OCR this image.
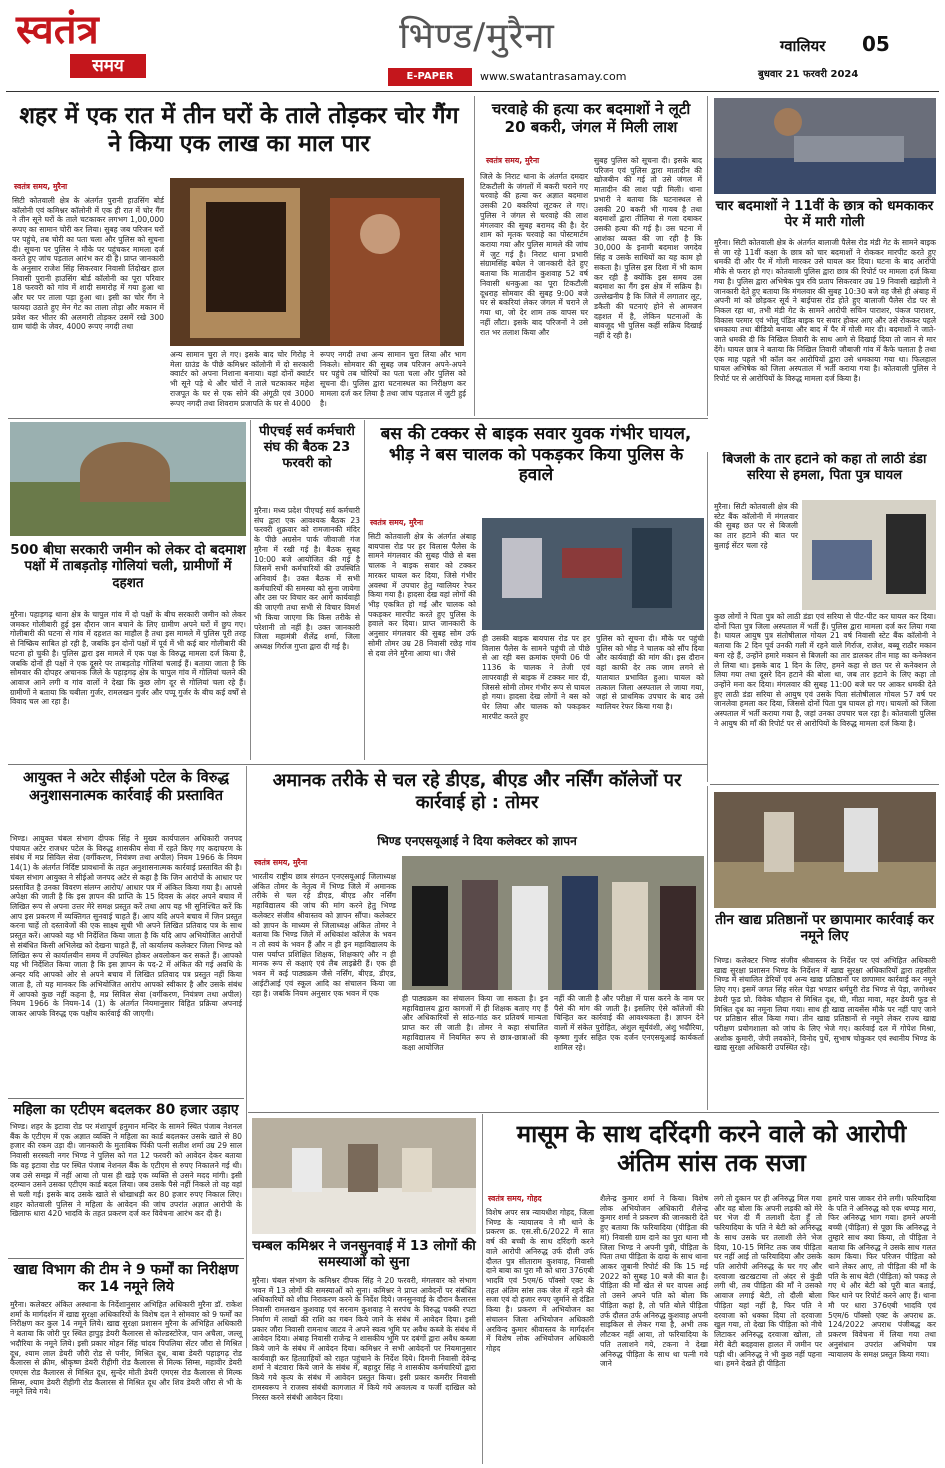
स्वतंत्र
समय
भिण्ड/मुरैना
E-PAPER	www.swatantrasamay.com
ग्वालियर 05
बुधवार 21 फरवरी 2024
शहर में एक रात में तीन घरों के ताले तोड़कर चोर गैंग ने किया एक लाख का माल पार
स्वतंत्र समय, मुरैना
सिटी कोतवाली क्षेत्र के अंतर्गत पुरानी हाउसिंग बोर्ड कॉलोनी एवं कमिश्नर कॉलोनी में एक ही रात में चोर गैंग ने तीन सूने घरों के ताले चटकाकर लगभग 1,00,000 रूपए का सामान चोरी कर लिया। सुबह जब परिजन घरों पर पहुंचे, तब चोरी का पता चला और पुलिस को सूचना दी। सूचना पर पुलिस ने मौके पर पहुंचकर मामला दर्ज करते हुए जांच पड़ताल आरंभ कर दी है। प्राप्त जानकारी के अनुसार राजेश सिंह सिकरवार निवासी तिंदोखर हाल निवासी पुरानी हाउसिंग बोर्ड कॉलोनी का पूरा परिवार 18 फरवरी को गांव में शादी समारोह में गया हुआ था और घर पर ताला पड़ा हुआ था। इसी का चोर गैंग ने फायदा उठाते हुए मेन गेट का ताला तोड़ा और मकान में प्रवेश कर भीतर की अलमारी तोड़कर उसमें रखे 300 ग्राम चांदी के जेवर, 4000 रूपए नगदी तथा
अन्य सामान चुरा ले गए। इसके बाद चोर गिरोह ने मेला ग्राउंड के पीछे कमिश्नर कॉलोनी में दो सरकारी क्वार्टर को अपना निशाना बनाया। यहां दोनों क्वार्टर भी सूने पड़े थे और चोरों ने ताले चटकाकर महेश राजपूत के घर से एक सोने की अंगूठी एवं 3000 रूपए नगदी तथा शिवराम प्रजापति के घर से 4000
रूपए नगदी तथा अन्य सामान चुरा लिया और भाग निकले। सोमवार की सुबह जब परिजन अपने-अपने घर पहुंचे तब चोरियों का पता चला और पुलिस को सूचना दी। पुलिस द्वारा घटनास्थल का निरीक्षण कर मामला दर्ज कर लिया है तथा जांच पड़ताल में जुटी हुई है।
चरवाहे की हत्या कर बदमाशों ने लूटी 20 बकरी, जंगल में मिली लाश
स्वतंत्र समय, मुरैना
जिले के निराट थाना के अंतर्गत दमदार टिकटौली के जंगलों में बकरी चराने गए चरवाहे की हत्या कर अज्ञात बदमाश उसकी 20 बकरियां लूटकर ले गए। पुलिस ने जंगल से चरवाहे की लाश मंगलवार की सुबह बरामद की है। देर शाम को मृतक चरवाहे का पोस्टमार्टम कराया गया और पुलिस मामले की जांच में जुट गई है। निराट थाना प्रभारी संग्रामसिंह बघेल ने जानकारी देते हुए बताया कि मातादीन कुशवाह 52 वर्ष निवासी धनकुआ का पूरा टिकटौली दूधराह सोमवार की सुबह 9:00 बजे घर से बकरियां लेकर जंगल में चराने ले गया था, जो देर शाम तक वापस घर नहीं लौटा। इसके बाद परिजनों ने उसे रात भर तलाश किया और
सुबह पुलिस को सूचना दी। इसके बाद परिजन एवं पुलिस द्वारा मातादीन की खोजबीन की गई तो उसे जंगल में मातादीन की लाश पड़ी मिली। थाना प्रभारी ने बताया कि घटनास्थल से उसकी 20 बकरी भी गायब है तथा बदमाशों द्वारा तीलिया से गला दबाकर उसकी हत्या की गई है। उस घटना में आशंका व्यक्त की जा रही है कि 30,000 के इनामी बदमाश जगदेव सिंह व उसके साथियों का यह काम हो सकता है। पुलिस इस दिशा में भी काम कर रही है क्योंकि इस समय उस बदमाश का गैंग इस क्षेत्र में सक्रिय है। उल्लेखनीय है कि जिले में लगातार लूट, डकैती की घटनाएं होने से आमजन दहशत में है, लेकिन घटनाओं के बावजूद भी पुलिस कहीं सक्रिय दिखाई नहीं दे रही है।
चार बदमाशों ने 11वीं के छात्र को धमकाकर पेर में मारी गोली
मुरैना। सिटी कोतवाली क्षेत्र के अंतर्गत बालाजी पैलेस रोड मंडी गेट के सामने बाइक से जा रहे 11वीं कक्षा के छात्र को चार बदमाशों ने रोककर मारपीट करते हुए धमकी दी और पैर में गोली मारकर उसे घायल कर दिया। घटना के बाद आरोपी मौके से फरार हो गए। कोतवाली पुलिस द्वारा छात्र की रिपोर्ट पर मामला दर्ज किया गया है। पुलिस द्वारा अभिषेक पुत्र रवि प्रताप सिकरवार उम्र 19 निवासी खड़ोली ने जानकारी देते हुए बताया कि मंगलवार की सुबह 10:30 बजे वह जैसे ही अंबाह में अपनी मां को छोड़कर सूर्य ने बाईपास रोड होते हुए बालाजी पैलेस रोड पर से निकल रहा था, तभी मंडी गेट के सामने आरोपी सचिन पाराशर, पंकज पाराशर, विकास परमार एवं भोलू पंडित बाइक पर सवार होकर आए और उसे रोककर पहले धमकाया तथा बीडियो बनाया और बाद में पैर में गोली मार दी। बदमाशों ने जाते-जाते धमकी दी कि निखिल तिवारी के साथ आगे से दिखाई दिया तो जान से मार देंगे। घायल छात्र ने बताया कि निखिल तिवारी जौबाजी गांव में कैफे चलाता है तथा एक माह पहले भी कॉल कर आरोपियों द्वारा उसे धमकाया गया था। फिलहाल घायल अभिषेक को जिला अस्पताल में भर्ती कराया गया है। कोतवाली पुलिस ने रिपोर्ट पर से आरोपियों के विरुद्ध मामला दर्ज किया है।
500 बीघा सरकारी जमीन को लेकर दो बदमाश पक्षों में ताबड़तोड़ गोलियां चली, ग्रामीणों में दहशत
मुरैना। पहाड़गढ़ थाना क्षेत्र के चापुल गांव में दो पक्षों के बीच सरकारी जमीन को लेकर जमकर गोलीबारी हुई इस दौरान जान बचाने के लिए ग्रामीण अपने घरों में छुप गए। गोलीबारी की घटना से गांव में दहशत का माहौल है तथा इस मामले में पुलिस पूरी तरह से निष्क्रिय साबित हो रही है, जबकि इन दोनों पक्षों में पूर्व में भी कई बार गोलीबारी की घटना हो चुकी है। पुलिस द्वारा इस मामले में एक पक्ष के विरुद्ध मामला दर्ज किया है, जबकि दोनों ही पक्षों ने एक दूसरे पर ताबड़तोड़ गोलियां चलाई हैं। बताया जाता है कि सोमवार की दोपहर अचानक जिले के पहाड़गढ़ क्षेत्र के चापुल गांव में गोलियां चलने की आवाज आने लगी व गांव वालों ने देखा कि कुछ लोग दूर से गोलियां चला रहे हैं। ग्रामीणों ने बताया कि चबीला गुर्जर, रामलखन गुर्जर और पप्पू गुर्जर के बीच कई वर्षों से विवाद चल आ रहा है।
पीएचई सर्व कर्मचारी संघ की बैठक 23 फरवरी को
मुरैना। मध्य प्रदेश पीएचई सर्व कर्मचारी संघ द्वारा एक आवश्यक बैठक 23 फरवरी शुक्रवार को रामजानकी मंदिर के पीछे अग्रसेन पार्क जीवाजी गंज मुरैना में रखी गई है। बैठक सुबह 10:00 बजे आयोजित की गई है जिसमें सभी कर्मचारियों की उपस्थिति अनिवार्य है। उक्त बैठक में सभी कर्मचारियों की समस्या को सुना जायेगा और उस पर विचार कर आगे कार्यवाही की जाएगी तथा सभी से विचार विमर्श भी किया जाएगा कि किस तरीके से परेशानी तो नहीं है। उक्त जानकारी जिला महामंत्री शैलेंद्र शर्मा, जिला अध्यक्ष गिर्राज गुप्ता द्वारा दी गई है।
बस की टक्कर से बाइक सवार युवक गंभीर घायल, भीड़ ने बस चालक को पकड़कर किया पुलिस के हवाले
स्वतंत्र समय, मुरैना
सिटी कोतवाली क्षेत्र के अंतर्गत अंबाह बायपास रोड पर हर विलास पैलेस के सामने मंगलवार की सुबह पीछे से बस चालक ने बाइक सवार को टक्कर मारकर घायल कर दिया, जिसे गंभीर अवस्था में उपचार हेतु ग्वालियर रेफर किया गया है। हादसा देख वहां लोगों की भीड़ एकत्रित हो गई और चालक को पकड़कर मारपीट करते हुए पुलिस के हवाले कर दिया। प्राप्त जानकारी के अनुसार मंगलवार की सुबह सोम उर्फ सोमी तोमर उम्र 28 निवासी रछेड़ गांव से दवा लेने मुरैना आया था। जैसे
ही उसकी बाइक बायपास रोड पर हर विलास पैलेस के सामने पहुंची तो पीछे से आ रही बस क्रमांक एमपी 06 पी 1136 के चालक ने तेजी एवं लापरवाही से बाइक में टक्कर मार दी, जिससे सोमी तोमर गंभीर रूप से घायल हो गया। हादसा देख लोगों ने बस को घेर लिया और चालक को पकड़कर मारपीट करते हुए
पुलिस को सूचना दी। मौके पर पहुंची पुलिस को भीड़ ने चालक को सौंप दिया और कार्यवाही की मांग की। इस दौरान वहां काफी देर तक जाम लगने से यातायात प्रभावित हुआ। घायल को तत्काल जिला अस्पताल ले जाया गया, जहां से प्राथमिक उपचार के बाद उसे ग्वालियर रेफर किया गया है।
बिजली के तार हटाने को कहा तो लाठी डंडा सरिया से हमला, पिता पुत्र घायल
मुरैना। सिटी कोतवाली क्षेत्र की स्टेट बैंक कॉलोनी में मंगलवार की सुबह छत पर से बिजली का तार हटाने की बात पर बुलाई सेंटर चला रहे
कुछ लोगों ने पिता पुत्र को लाठी डंडा एवं सरिया से पीट-पीट कर घायल कर दिया। दोनों पिता पुत्र जिला अस्पताल में भर्ती हैं। पुलिस द्वारा मामला दर्ज कर लिया गया है। घायल आयुष पुत्र संतोषीलाल गोयल 21 वर्ष निवासी स्टेट बैंक कॉलोनी ने बताया कि 2 दिन पूर्व उनकी गली में रहने वाले गिर्राज, राजेश, बब्बू राठौर मकान बना रहे हैं, उन्होंने हमारे मकान से बिजली का तार डालकर तीन माह का कनेक्शन ले लिया था। इसके बाद 1 दिन के लिए, हमने कहा से छत पर से कनेक्शन ले लिया गया तथा दूसरे दिन हटाने की बोला था, जब तार हटाने के लिए कहा तो उन्होंने मना कर दिया। मंगलवार की सुबह 11:00 बजे घर पर आकर धमकी देते हुए लाठी डंडा सरिया से आयुष एवं उसके पिता संतोषीलाल गोयल 57 वर्ष पर जानलेवा हमला कर दिया, जिससे दोनों पिता पुत्र घायल हो गए। घायलों को जिला अस्पताल में भर्ती कराया गया है, जहां उनका उपचार चल रहा है। कोतवाली पुलिस ने आयुष की माँ की रिपोर्ट पर से आरोपियों के विरुद्ध मामला दर्ज किया है।
आयुक्त ने अटेर सीईओ पटेल के विरुद्ध अनुशासनात्मक कार्रवाई की प्रस्तावित
भिण्ड। आयुक्त चंबल संभाग दीपक सिंह ने मुख्य कार्यपालन अधिकारी जनपद पंचायत अटेर राजधर पटेल के विरुद्ध शासकीय सेवा में रहते किए गए कदाचरण के संबंध में मप्र सिविल सेवा (वर्गीकरण, नियंत्रण तथा अपील) नियम 1966 के नियम 14(1) के अंतर्गत निर्दिष्ट प्रावधानों के तहत अनुशासनात्मक कार्रवाई प्रस्तावित की है। चंबल संभाग आयुक्त ने सीईओ जनपद अटेर से कहा है कि जिन आरोपों के आधार पर प्रस्तावित है उनका विवरण संलग्न आरोप/ आधार पत्र में अंकित किया गया है। आपसे अपेक्षा की जाती है कि इस ज्ञापन की प्राप्ति के 15 दिवस के अंदर अपने बचाव में लिखित रूप से अपना उत्तर मेरे समक्ष प्रस्तुत करें तथा आप यह भी सुनिश्चित करें कि आप इस प्रकरण में व्यक्तिगत सुनवाई चाहते हैं। आप यदि अपने बचाव में जिन प्रस्तुत करना चाहें तो दस्तावेजों की एक साक्ष्य सूची भी अपने लिखित प्रतिवाद पत्र के साथ प्रस्तुत करें। आपको यह भी निर्देशित किया जाता है कि यदि आप अभियोजित आरोपों से संबंधित किसी अभिलेख को देखना चाहते हैं, तो कार्यालय कलेक्टर जिला भिण्ड को लिखित रूप से कार्यालयीन समय में उपस्थित होकर अवलोकन कर सकते हैं। आपको यह भी निर्देशित किया जाता है कि इस ज्ञापन के पद-2 में अंकित की गई अवधि के अन्दर यदि आपको ओर से अपने बचाव में लिखित प्रतिवाद पत्र प्रस्तुत नहीं किया जाता है, तो यह मानकर कि अभियोजित आरोप आपको स्वीकार है और उसके संबंध में आपको कुछ नहीं कहना है, मप्र सिविल सेवा (वर्गीकरण, नियंत्रण तथा अपील) नियम 1966 के नियम-14 (1) के अंतर्गत नियमानुसार विहित प्रक्रिया अपनाई जाकर आपके विरुद्ध एक पक्षीय कार्रवाई की जाएगी।
अमानक तरीके से चल रहे डीएड, बीएड और नर्सिंग कॉलेजों पर कार्रवाई हो : तोमर
भिण्ड एनएसयूआई ने दिया कलेक्टर को ज्ञापन
स्वतंत्र समय, मुरैना
भारतीय राष्ट्रीय छात्र संगठन एनएसयूआई जिलाध्यक्ष अंकित तोमर के नेतृत्व में भिण्ड जिले में अमानक तरीके से चल रहे डीएड, बीएड और नर्सिंग महाविद्यालय की जांच की मांग करने हेतु भिण्ड कलेक्टर संजीव श्रीवास्तव को ज्ञापन सौंपा। कलेक्टर को ज्ञापन के माध्यम से जिलाध्यक्ष अंकित तोमर ने बताया कि भिण्ड जिले में अधिकांश कॉलेज के भवन न तो स्वयं के भवन हैं और न ही इन महाविद्यालय के पास पर्याप्त प्रशिक्षित शिक्षक, शिक्षकाएं और न ही मानक रूप से कक्षाएं एवं लैब लाइब्रेरी हैं। एक ही भवन में कई पाठ्यक्रम जैसे नर्सिंग, बीएड, डीएड, आईटीआई एवं स्कूल आदि का संचालन किया जा रहा है। जबकि नियम अनुसार एक भवन में एक
ही पाठ्यक्रम का संचालन किया जा सकता है। इन महाविद्यालय द्वारा कागजों में ही शिक्षक बताए गए हैं और अधिकारियों से सांठ-गांठ कर प्रतिवर्ष मान्यता प्राप्त कर ली जाती है। तोमर ने कहा संचालित महाविद्यालय में नियमित रूप से छात्र-छात्राओं की कक्षा आयोजित
नहीं की जाती है और परीक्षा में पास करने के नाम पर पैसे की मांग की जाती है। इसलिए ऐसे कॉलेजों की चिन्हित कर कार्रवाई की आवश्यकता है। ज्ञापन देने वालों में संकेत पुरोहित, अंशुल सूर्यवंशी, अंशु भदौरिया, कृष्णा गुर्जर सहित एक दर्जन एनएसयूआई कार्यकर्ता शामिल रहे।
तीन खाद्य प्रतिष्ठानों पर छापामार कार्रवाई कर नमूने लिए
भिण्ड। कलेक्टर भिण्ड संजीव श्रीवास्तव के निर्देश पर एवं अभिहित अधिकारी खाद्य सुरक्षा प्रशासन भिण्ड के निर्देशन में खाद्य सुरक्षा अधिकारियों द्वारा तहसील भिण्ड में संचालित डेरियों एवं अन्य खाद्य प्रतिष्ठानों पर छापामार कार्रवाई कर नमूने लिए गए। इसमें जगत सिंह संरेल पेड़ा भण्डार धर्मपुरी रोड भिण्ड से पेड़ा, जगोश्वर डेयरी फूड प्रो. विवेक चौहान से मिश्रित दूध, घी, मीठा मावा, महर डेयरी फूड से मिश्रित दूध का नमूना लिया गया। साथ ही खाद्य लायसेंस मौके पर नहीं पाए जाने पर प्रतिष्ठान सील किया गया। तीन खाद्य प्रतिष्ठानों से नमूने लेकर राज्य खाद्य परीक्षण प्रयोगशाला को जांच के लिए भेजे गए। कार्रवाई दल में गोपेश मिश्रा, अशोक कुमारी, जेपी लवकोने, विनोद पुर्थे, सुभाष चोकुकर एवं स्थानीय भिण्ड के खाद्य सुरक्षा अधिकारी उपस्थित रहे।
महिला का एटीएम बदलकर 80 हजार उड़ाए
भिण्ड। शहर के इटावा रोड पर मंशापूर्ण हनुमान मन्दिर के सामने स्थित पंजाब नेशनल बैंक के एटीएम में एक अज्ञात व्यक्ति ने महिला का कार्ड बदलकर उसके खाते से 80 हजार की रकम उड़ा दी। जानकारी के मुताबिक पिंकी पत्नी सतीश शर्मा उम्र 29 साल निवासी सरस्वती नगर भिण्ड ने पुलिस को गत 12 फरवरी को आवेदन देकर बताया कि वह इटावा रोड पर स्थित पंजाब नेशनल बैंक के एटीएम से रुपए निकालने गई थी। जब उसे समझ में नहीं आया तो पास ही खड़े एक व्यक्ति से उसने मदद मांगी। इसी दरम्यान उसने उसका एटीएम कार्ड बदल लिया। जब उसके पैसे नहीं निकले तो वह वहां से चली गई। इसके बाद उसके खाते से धोखाधड़ी कर 80 हजार रुपए निकाल लिए। शहर कोतवाली पुलिस ने महिला के आवेदन की जांच उपरांत अज्ञात आरोपी के खिलाफ धारा 420 भादवि के तहत प्रकरण दर्ज कर विवेचना आरंभ कर दी है।
खाद्य विभाग की टीम ने 9 फर्मों का निरीक्षण कर 14 नमूने लिये
मुरैना। कलेक्टर अंकित अस्थाना के निर्देशानुसार अभिहित अधिकारी मुरैना डॉ. राकेश शर्मा के मार्गदर्शन में खाद्य सुरक्षा अधिकारियों के विशेष दल ने सोमवार को 9 फर्मों का निरीक्षण कर कुल 14 नमूने लिये। खाद्य सुरक्षा प्रशासन मुरैना के अभिहित अधिकारी ने बताया कि जोरी पुर स्थित हापुड़ डेयरी कैलारस से कोल्डस्टोरेज, पान अचैला, जल्लू भदौरिया के नमूने लिये। इसी प्रकार मोहन सिंह चांदव पिपलिया सेंटर जौरा से मिश्रित दूध, श्याम लाल डेयरी जौरी रोड से पनीर, मिश्रित दूध, बाबा डेयरी पहाड़गढ़ रोड कैलारस से क्रीम, श्रीकृष्ण डेयरी रीहीगी रोड कैलारस से मिल्क सिम्स, महावीर डेयरी एमएस रोड कैलारस से मिश्रित दूध, सुन्देर मोती डेयरी एमएस रोड कैलारस से मिल्क सिम्स, श्याम डेयरी रीहीगी रोड कैलारस से मिश्रित दूध और शिव डेयरी जौरा से भी के नमूने लिये गये।
चम्बल कमिश्नर ने जनसुनवाई में 13 लोगों की समस्याओं को सुना
मुरैना। चंबल संभाग के कमिश्नर दीपक सिंह ने 20 फरवरी, मंगलवार को संभाग भवन में 13 लोगों की समस्याओं को सुना। कमिश्नर ने प्राप्त आवेदनों पर संबंधित अधिकारियों को शीघ्र निराकरण करने के निर्देश दिये। जनसुनवाई के दौरान कैलारस निवासी रामलखन कुशवाह एवं सरनाम कुशवाह ने सरपंच के विरुद्ध पक्की रपटा निर्माण में लाखों की राशि का गबन किये जाने के संबंध में आवेदन दिया। इसी प्रकार जौरा निवासी रामनाथ जाटव ने अपने स्वत्व भूमि पर अवैध कब्जे के संबंध में आवेदन दिया। अंबाह निवासी राजेन्द्र ने शासकीय भूमि पर दबंगों द्वारा अवैध कब्जा किये जाने के संबंध में आवेदन दिया। कमिश्नर ने सभी आवेदनों पर नियमानुसार कार्यवाही कर हितग्राहियों को राहत पहुंचाने के निर्देश दिये। दिमनी निवासी देवेन्द्र शर्मा ने बंटवारा किये जाने के संबंध में, बहादुर सिंह ने शासकीय कर्मचारियों द्वारा किये गये कृत्य के संबंध में आवेदन प्रस्तुत किया। इसी प्रकार कमरीर निवासी रामस्वरूप ने राजस्व संबंधी कागजात में किये गये अवलत्य व फर्जी दाखिल को निरस्त करने संबंधी आवेदन दिया।
मासूम के साथ दरिंदगी करने वाले को आरोपी अंतिम सांस तक सजा
स्वतंत्र समय, गोहद
विशेष अपर सत्र न्यायधीश गोहद, जिला भिण्ड के न्यायालय ने मौ थाने के प्रकरण क्र. एस.सी.6/2022 में सात वर्ष की बच्ची के साथ दरिंदगी करने वाले आरोपी अनिरुद्ध उर्फ दौली उर्फ दौलत पुत्र सीताराम कुशवाह, निवासी दाने बाबा का पुरा मौ को धारा 376एबी भादवि एवं 5एम/6 पॉक्सो एक्ट के तहत अंतिम सांस तक जेल में रहने की सजा एवं दो हजार रुपए जुर्माने से दंडित किया है। प्रकरण में अभियोजन का संचालन जिला अभियोजन अधिकारी अरविन्द कुमार श्रीवास्तव के मार्गदर्शन में विशेष लोक अभियोजन अधिकारी गोहद
शैलेन्द्र कुमार शर्मा ने किया। विशेष लोक अभियोजन अधिकारी शैलेन्द्र कुमार शर्मा ने प्रकरण की जानकारी देते हुए बताया कि फरियादिया (पीड़िता की मां) निवासी ग्राम दाने का पुरा थाना मौ जिला भिण्ड ने अपनी पुत्री, पीड़िता के पिता तथा पीड़िता के दादा के साथ थाना आकर जुबानी रिपोर्ट की कि 15 मई 2022 को सुबह 10 बजे की बात है। पीड़िता की माँ खेत से घर वापस आई तो उसने अपने पति को बोला कि पीड़िता कहां है, तो पति बोले पीड़िता उर्फ दौलत उर्फ अनिरुद्ध कुशवाह अपनी साइकिल से लेकर गया है, अभी तक लौटकर नहीं आया, तो फरियादिया के पति तलाशने गये, टकना ने देखा अनिरुद्ध पीड़िता के साथ था पत्नी गवे जाने
लगे तो दुकान पर ही अनिरुद्ध मिल गया और वह बोला कि अपनी लड़की को मेरे घर भेज दी मैं तलाशी देता हूँ तो फरियादिया के पति ने बेटी को अनिरुद्ध के साथ उसके घर तलाशी लेने भेज दिया, 10-15 मिनिट तक जब पीड़िता घर नहीं आई तो फरियादिया और उसके पति आरोपी अनिरुद्ध के घर गए और दरवाजा खटखटाया तो अंदर से कुंडी लगी थी, तब पीड़िता की माँ ने उसको आवाज लगाई बेटी, तो दौली बोला पीड़िता यहां नहीं है, फिर पति ने दरवाजा को धक्का दिया तो दरवाजा खुल गया, तो देखा कि पीड़िता को नीचे लिटाकर अनिरुद्ध दरवाजा खोला, तो मेरी बेटी बदहवास हालत में जमीन पर पड़ी थी। अनिरुद्ध ने भी कुछ नहीं पहना था। हमने देखते ही पीड़िता
हमारे पास जाकर रोने लगी। फरियादिया के पति ने अनिरुद्ध को एक थप्पड़ मारा, फिर अनिरुद्ध भाग गया। हमने अपनी बच्ची (पीड़िता) से पूछा कि अनिरुद्ध ने तुम्हारे साथ क्या किया, तो पीड़िता ने बताया कि अनिरुद्ध ने उसके साथ गलत काम किया। फिर परिजन पीड़िता को थाने लेकर आए, तो पीड़िता की माँ के पति के साथ बेटी (पीड़िता) को पकड़ ले गए थे और बेटी को पूरी बात बताई, फिर थाने पर रिपोर्ट करने आए हैं। थाना मौ पर धारा 376एबी भादवि एवं 5एम/6 पॉक्सो एक्ट के अपराध क्र. 124/2022 अपराध पंजीबद्ध कर प्रकरण विवेचना में लिया गया तथा अनुसंधान उपरांत अभियोग पत्र न्यायालय के समक्ष प्रस्तुत किया गया।
